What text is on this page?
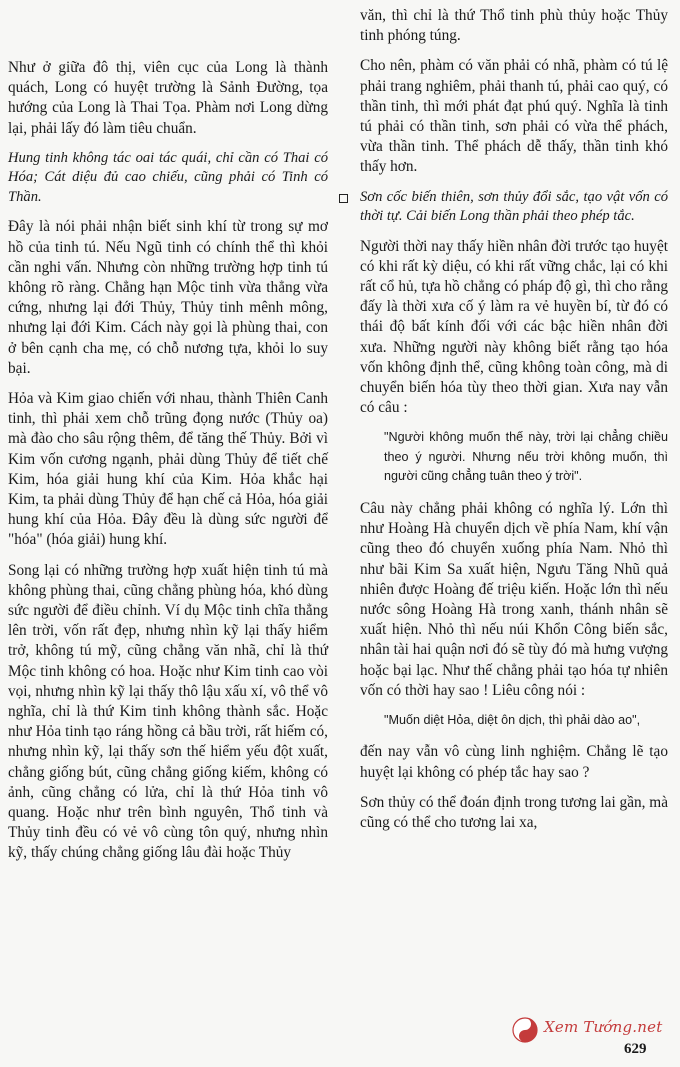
Như ở giữa đô thị, viên cục của Long là thành quách, Long có huyệt trường là Sảnh Đường, tọa hướng của Long là Thai Tọa. Phàm nơi Long dừng lại, phải lấy đó làm tiêu chuẩn.

Hung tinh không tác oai tác quái, chỉ cần có Thai có Hóa; Cát diệu đủ cao chiếu, cũng phải có Tinh có Thần.

Đây là nói phải nhận biết sinh khí từ trong sự mơ hồ của tinh tú. Nếu Ngũ tinh có chính thể thì khỏi cần nghi vấn. Nhưng còn những trường hợp tinh tú không rõ ràng. Chẳng hạn Mộc tinh vừa thẳng vừa cứng, nhưng lại đới Thủy, Thủy tinh mênh mông, nhưng lại đới Kim. Cách này gọi là phùng thai, con ở bên cạnh cha mẹ, có chỗ nương tựa, khỏi lo suy bại.

Hỏa và Kim giao chiến với nhau, thành Thiên Canh tinh, thì phải xem chỗ trũng đọng nước (Thủy oa) mà đào cho sâu rộng thêm, để tăng thế Thủy. Bởi vì Kim vốn cương ngạnh, phải dùng Thủy để tiết chế Kim, hóa giải hung khí của Kim. Hỏa khắc hại Kim, ta phải dùng Thủy để hạn chế cả Hỏa, hóa giải hung khí của Hỏa. Đây đều là dùng sức người để "hóa" (hóa giải) hung khí.

Song lại có những trường hợp xuất hiện tinh tú mà không phùng thai, cũng chẳng phùng hóa, khó dùng sức người để điều chỉnh. Ví dụ Mộc tinh chĩa thẳng lên trời, vốn rất đẹp, nhưng nhìn kỹ lại thấy hiểm trở, không tú mỹ, cũng chẳng văn nhã, chỉ là thứ Mộc tinh không có hoa. Hoặc như Kim tinh cao vòi vọi, nhưng nhìn kỹ lại thấy thô lậu xấu xí, vô thể vô nghĩa, chỉ là thứ Kim tinh không thành sắc. Hoặc như Hỏa tinh tạo ráng hồng cả bầu trời, rất hiếm có, nhưng nhìn kỹ, lại thấy sơn thế hiểm yếu đột xuất, chẳng giống bút, cũng chẳng giống kiếm, không có ảnh, cũng chẳng có lửa, chỉ là thứ Hỏa tinh vô quang. Hoặc như trên bình nguyên, Thổ tinh và Thủy tinh đều có vẻ vô cùng tôn quý, nhưng nhìn kỹ, thấy chúng chẳng giống lâu đài hoặc Thủy

văn, thì chỉ là thứ Thổ tinh phù thủy hoặc Thủy tinh phóng túng.

Cho nên, phàm có văn phải có nhã, phàm có tú lệ phải trang nghiêm, phải thanh tú, phải cao quý, có thần tinh, thì mới phát đạt phú quý. Nghĩa là tinh tú phải có thần tinh, sơn phải có vừa thể phách, vừa thần tinh. Thể phách dễ thấy, thần tinh khó thấy hơn.

Sơn cốc biến thiên, sơn thủy đổi sắc, tạo vật vốn có thời tự. Cải biến Long thần phải theo phép tắc.

Người thời nay thấy hiền nhân đời trước tạo huyệt có khi rất kỳ diệu, có khi rất vững chắc, lại có khi rất cổ hủ, tựa hồ chẳng có pháp độ gì, thì cho rằng đấy là thời xưa cố ý làm ra vẻ huyền bí, từ đó có thái độ bất kính đối với các bậc hiền nhân đời xưa. Những người này không biết rằng tạo hóa vốn không định thể, cũng không toàn công, mà di chuyển biến hóa tùy theo thời gian. Xưa nay vẫn có câu :

"Người không muốn thế này, trời lại chẳng chiều theo ý người. Nhưng nếu trời không muốn, thì người cũng chẳng tuân theo ý trời".

Câu này chẳng phải không có nghĩa lý. Lớn thì như Hoàng Hà chuyển dịch về phía Nam, khí vận cũng theo đó chuyển xuống phía Nam. Nhỏ thì như bãi Kim Sa xuất hiện, Ngưu Tăng Nhũ quả nhiên được Hoàng đế triệu kiến. Hoặc lớn thì nếu nước sông Hoàng Hà trong xanh, thánh nhân sẽ xuất hiện. Nhỏ thì nếu núi Khổn Công biến sắc, nhân tài hai quận nơi đó sẽ tùy đó mà hưng vượng hoặc bại lạc. Như thế chẳng phải tạo hóa tự nhiên vốn có thời hay sao ! Liêu công nói :

"Muốn diệt Hỏa, diệt ôn dịch, thì phải dào ao",

đến nay vẫn vô cùng linh nghiệm. Chẳng lẽ tạo huyệt lại không có phép tắc hay sao ?

Sơn thủy có thể đoán định trong tương lai gần, mà cũng có thể cho tương lai xa,

Xem Tướng.net
629
